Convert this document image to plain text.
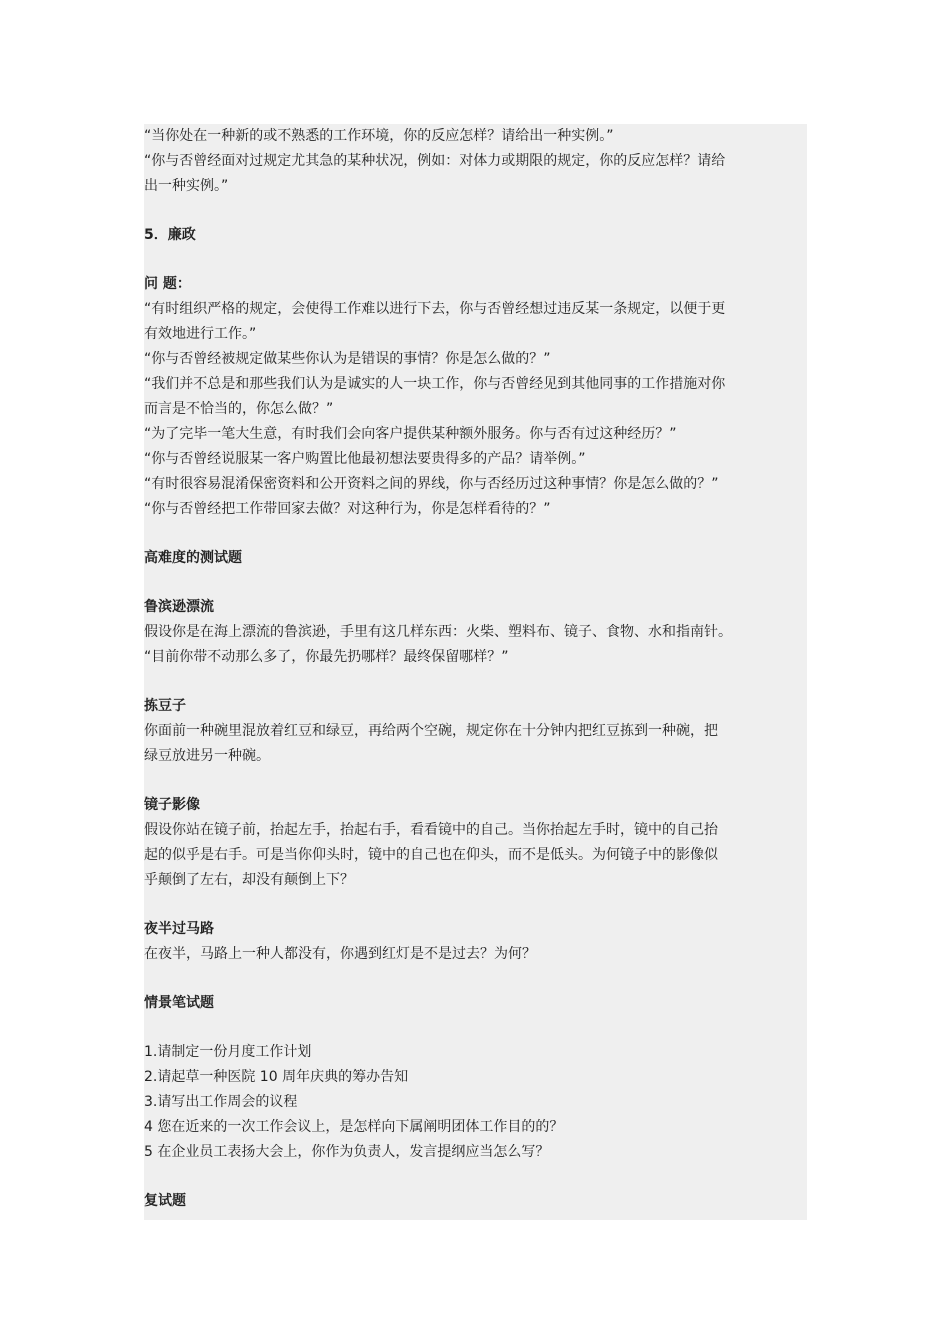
“当你处在一种新的或不熟悉的工作环境，你的反应怎样？请给出一种实例。”
“你与否曾经面对过规定尤其急的某种状况，例如：对体力或期限的规定，你的反应怎样？请给
出一种实例。”
5．廉政
问 题：
“有时组织严格的规定，会使得工作难以进行下去，你与否曾经想过违反某一条规定，以便于更
有效地进行工作。”
“你与否曾经被规定做某些你认为是错误的事情？你是怎么做的？”
“我们并不总是和那些我们认为是诚实的人一块工作，你与否曾经见到其他同事的工作措施对你
而言是不恰当的，你怎么做？”
“为了完毕一笔大生意，有时我们会向客户提供某种额外服务。你与否有过这种经历？”
“你与否曾经说服某一客户购置比他最初想法要贵得多的产品？请举例。”
“有时很容易混淆保密资料和公开资料之间的界线，你与否经历过这种事情？你是怎么做的？”
“你与否曾经把工作带回家去做？对这种行为，你是怎样看待的？”
高难度的测试题
鲁滨逊漂流
假设你是在海上漂流的鲁滨逊，手里有这几样东西：火柴、塑料布、镜子、食物、水和指南针。
“目前你带不动那么多了，你最先扔哪样？最终保留哪样？”
拣豆子
你面前一种碗里混放着红豆和绿豆，再给两个空碗，规定你在十分钟内把红豆拣到一种碗，把
绿豆放进另一种碗。
镜子影像
假设你站在镜子前，抬起左手，抬起右手，看看镜中的自己。当你抬起左手时，镜中的自己抬
起的似乎是右手。可是当你仰头时，镜中的自己也在仰头，而不是低头。为何镜子中的影像似
乎颠倒了左右，却没有颠倒上下？
夜半过马路
在夜半，马路上一种人都没有，你遇到红灯是不是过去？为何？
情景笔试题
1.请制定一份月度工作计划
2.请起草一种医院 10 周年庆典的筹办告知
3.请写出工作周会的议程
4 您在近来的一次工作会议上，是怎样向下属阐明团体工作目的的？
5 在企业员工表扬大会上，你作为负责人，发言提纲应当怎么写？
复试题
